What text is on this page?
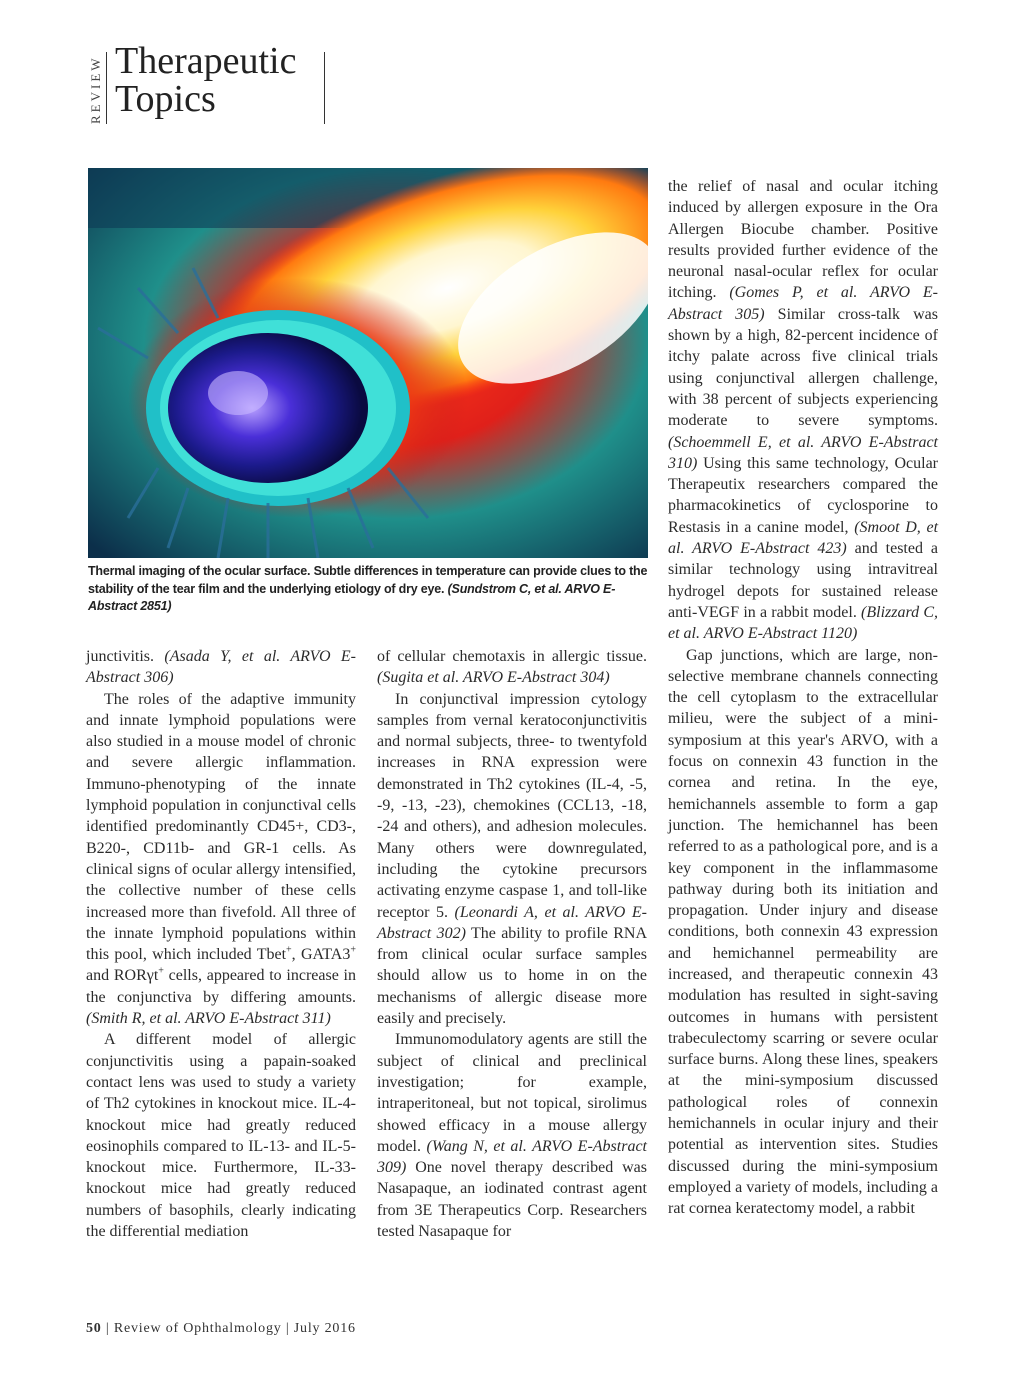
REVIEW Therapeutic
Topics
Thermal imaging of the ocular surface. Subtle differences in temperature can provide clues to the stability of the tear film and the underlying etiology of dry eye. (Sundstrom C, et al. ARVO E-Abstract 2851)

junctivitis. (Asada Y, et al. ARVO E-Abstract 306)

The roles of the adaptive immunity and innate lymphoid populations were also studied in a mouse model of chronic and severe allergic inflammation. Immuno-phenotyping of the innate lymphoid population in conjunctival cells identified predominantly CD45+, CD3-, B220-, CD11b- and GR-1 cells. As clinical signs of ocular allergy intensified, the collective number of these cells increased more than fivefold. All three of the innate lymphoid populations within this pool, which included Tbet+, GATA3+ and RORγt+ cells, appeared to increase in the conjunctiva by differing amounts. (Smith R, et al. ARVO E-Abstract 311)

A different model of allergic conjunctivitis using a papain-soaked contact lens was used to study a variety of Th2 cytokines in knockout mice. IL-4-knockout mice had greatly reduced eosinophils compared to IL-13- and IL-5-knockout mice. Furthermore, IL-33-knockout mice had greatly reduced numbers of basophils, clearly indicating the differential mediation

of cellular chemotaxis in allergic tissue. (Sugita et al. ARVO E-Abstract 304)

In conjunctival impression cytology samples from vernal keratoconjunctivitis and normal subjects, three- to twentyfold increases in RNA expression were demonstrated in Th2 cytokines (IL-4, -5, -9, -13, -23), chemokines (CCL13, -18, -24 and others), and adhesion molecules. Many others were downregulated, including the cytokine precursors activating enzyme caspase 1, and toll-like receptor 5. (Leonardi A, et al. ARVO E-Abstract 302) The ability to profile RNA from clinical ocular surface samples should allow us to home in on the mechanisms of allergic disease more easily and precisely.

Immunomodulatory agents are still the subject of clinical and preclinical investigation; for example, intraperitoneal, but not topical, sirolimus showed efficacy in a mouse allergy model. (Wang N, et al. ARVO E-Abstract 309) One novel therapy described was Nasapaque, an iodinated contrast agent from 3E Therapeutics Corp. Researchers tested Nasapaque for

the relief of nasal and ocular itching induced by allergen exposure in the Ora Allergen Biocube chamber. Positive results provided further evidence of the neuronal nasal-ocular reflex for ocular itching. (Gomes P, et al. ARVO E-Abstract 305) Similar cross-talk was shown by a high, 82-percent incidence of itchy palate across five clinical trials using conjunctival allergen challenge, with 38 percent of subjects experiencing moderate to severe symptoms. (Schoemmell E, et al. ARVO E-Abstract 310) Using this same technology, Ocular Therapeutix researchers compared the pharmacokinetics of cyclosporine to Restasis in a canine model, (Smoot D, et al. ARVO E-Abstract 423) and tested a similar technology using intravitreal hydrogel depots for sustained release anti-VEGF in a rabbit model. (Blizzard C, et al. ARVO E-Abstract 1120)

Gap junctions, which are large, non-selective membrane channels connecting the cell cytoplasm to the extracellular milieu, were the subject of a mini-symposium at this year's ARVO, with a focus on connexin 43 function in the cornea and retina. In the eye, hemichannels assemble to form a gap junction. The hemichannel has been referred to as a pathological pore, and is a key component in the inflammasome pathway during both its initiation and propagation. Under injury and disease conditions, both connexin 43 expression and hemichannel permeability are increased, and therapeutic connexin 43 modulation has resulted in sight-saving outcomes in humans with persistent trabeculectomy scarring or severe ocular surface burns. Along these lines, speakers at the mini-symposium discussed pathological roles of connexin hemichannels in ocular injury and their potential as intervention sites. Studies discussed during the mini-symposium employed a variety of models, including a rat cornea keratectomy model, a rabbit

50 | Review of Ophthalmology | July 2016
